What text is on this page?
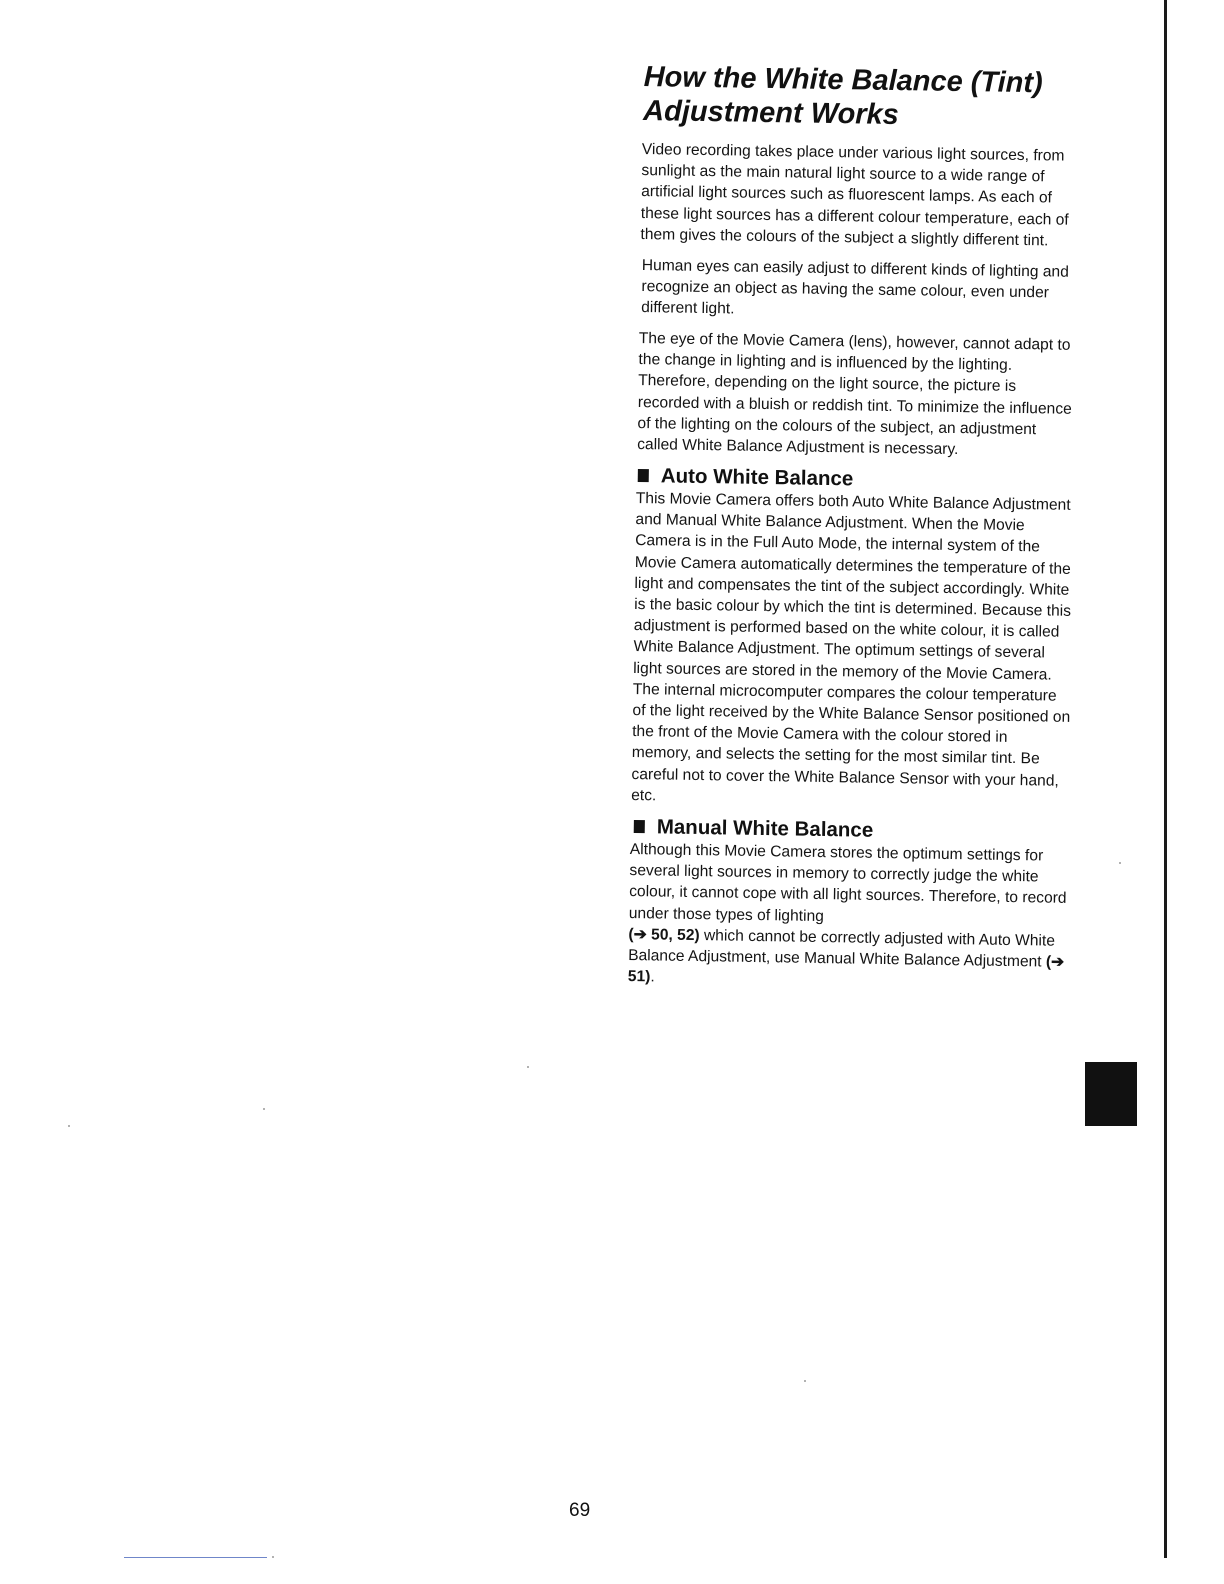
How the White Balance (Tint)
Adjustment Works

Video recording takes place under various light sources, from sunlight as the main natural light source to a wide range of artificial light sources such as fluorescent lamps. As each of these light sources has a different colour temperature, each of them gives the colours of the subject a slightly different tint.

Human eyes can easily adjust to different kinds of lighting and recognize an object as having the same colour, even under different light.

The eye of the Movie Camera (lens), however, cannot adapt to the change in lighting and is influenced by the lighting. Therefore, depending on the light source, the picture is recorded with a bluish or reddish tint. To minimize the influence of the lighting on the colours of the subject, an adjustment called White Balance Adjustment is necessary.

Auto White Balance

This Movie Camera offers both Auto White Balance Adjustment and Manual White Balance Adjustment. When the Movie Camera is in the Full Auto Mode, the internal system of the Movie Camera automatically determines the temperature of the light and compensates the tint of the subject accordingly. White is the basic colour by which the tint is determined. Because this adjustment is performed based on the white colour, it is called White Balance Adjustment. The optimum settings of several light sources are stored in the memory of the Movie Camera. The internal microcomputer compares the colour temperature of the light received by the White Balance Sensor positioned on the front of the Movie Camera with the colour stored in memory, and selects the setting for the most similar tint. Be careful not to cover the White Balance Sensor with your hand, etc.

Manual White Balance

Although this Movie Camera stores the optimum settings for several light sources in memory to correctly judge the white colour, it cannot cope with all light sources. Therefore, to record under those types of lighting
(➔ 50, 52) which cannot be correctly adjusted with Auto White Balance Adjustment, use Manual White Balance Adjustment (➔ 51).

69
